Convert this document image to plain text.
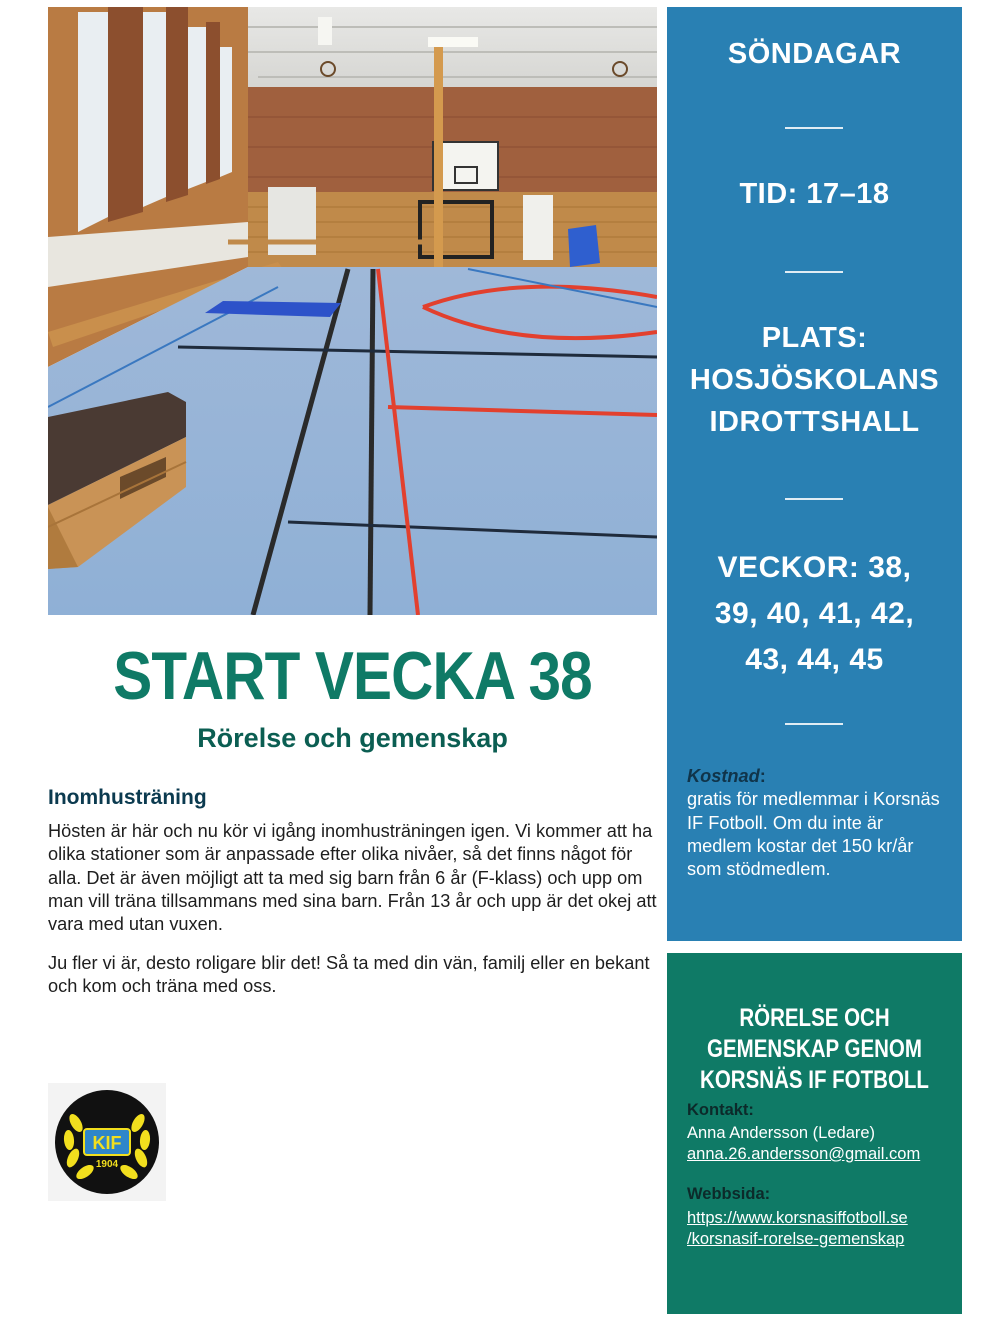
START VECKA 38
Rörelse och gemenskap
Inomhusträning

Hösten är här och nu kör vi igång inomhusträningen igen. Vi kommer att ha olika stationer som är anpassade efter olika nivåer, så det finns något för alla. Det är även möjligt att ta med sig barn från 6 år (F-klass) och upp om man vill träna tillsammans med sina barn. Från 13 år och upp är det okej att vara med utan vuxen.

Ju fler vi är, desto roligare blir det! Så ta med din vän, familj eller en bekant och kom och träna med oss.

KIF
1904
SÖNDAGAR
TID: 17–18
PLATS:
HOSJÖSKOLANS
IDROTTSHALL
VECKOR: 38,
39, 40, 41, 42,
43, 44, 45
Kostnad:
gratis för medlemmar i Korsnäs IF Fotboll. Om du inte är medlem kostar det 150 kr/år som stödmedlem.
RÖRELSE OCH
GEMENSKAP GENOM
KORSNÄS IF FOTBOLL
Kontakt:
Anna Andersson (Ledare)
anna.26.andersson@gmail.com
Webbsida:
https://www.korsnasiffotboll.se
/korsnasif-rorelse-gemenskap
